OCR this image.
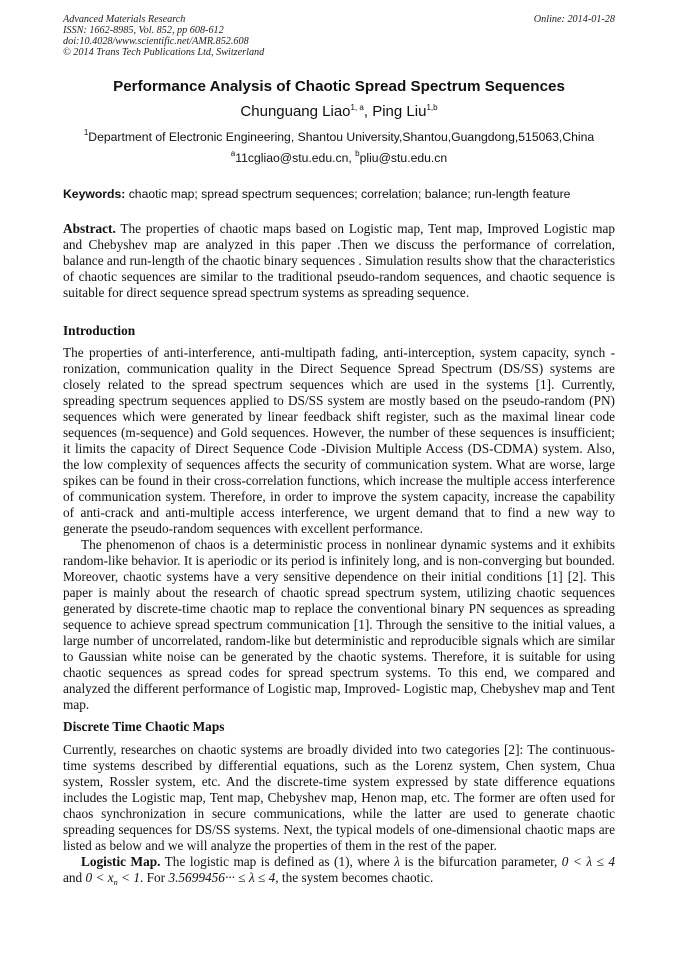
Advanced Materials Research
ISSN: 1662-8985, Vol. 852, pp 608-612
doi:10.4028/www.scientific.net/AMR.852.608
© 2014 Trans Tech Publications Ltd, Switzerland
Online: 2014-01-28
Performance Analysis of Chaotic Spread Spectrum Sequences
Chunguang Liao$^{1, a}$, Ping Liu$^{1,b}$
$^1$Department of Electronic Engineering, Shantou University,Shantou,Guangdong,515063,China
$^a$11cgliao@stu.edu.cn, $^b$pliu@stu.edu.cn
Keywords: chaotic map; spread spectrum sequences; correlation; balance; run-length feature

Abstract. The properties of chaotic maps based on Logistic map, Tent map, Improved Logistic map and Chebyshev map are analyzed in this paper .Then we discuss the performance of correlation, balance and run-length of the chaotic binary sequences . Simulation results show that the characteristics of chaotic sequences are similar to the traditional pseudo-random sequences, and chaotic sequence is suitable for direct sequence spread spectrum systems as spreading sequence.

Introduction

The properties of anti-interference, anti-multipath fading, anti-interception, system capacity, synch -ronization, communication quality in the Direct Sequence Spread Spectrum (DS/SS) systems are closely related to the spread spectrum sequences which are used in the systems [1]. Currently, spreading spectrum sequences applied to DS/SS system are mostly based on the pseudo-random (PN) sequences which were generated by linear feedback shift register, such as the maximal linear code sequences (m-sequence) and Gold sequences. However, the number of these sequences is insufficient; it limits the capacity of Direct Sequence Code -Division Multiple Access (DS-CDMA) system. Also, the low complexity of sequences affects the security of communication system. What are worse, large spikes can be found in their cross-correlation functions, which increase the multiple access interference of communication system. Therefore, in order to improve the system capacity, increase the capability of anti-crack and anti-multiple access interference, we urgent demand that to find a new way to generate the pseudo-random sequences with excellent performance.

The phenomenon of chaos is a deterministic process in nonlinear dynamic systems and it exhibits random-like behavior. It is aperiodic or its period is infinitely long, and is non-converging but bounded. Moreover, chaotic systems have a very sensitive dependence on their initial conditions [1] [2]. This paper is mainly about the research of chaotic spread spectrum system, utilizing chaotic sequences generated by discrete-time chaotic map to replace the conventional binary PN sequences as spreading sequence to achieve spread spectrum communication [1]. Through the sensitive to the initial values, a large number of uncorrelated, random-like but deterministic and reproducible signals which are similar to Gaussian white noise can be generated by the chaotic systems. Therefore, it is suitable for using chaotic sequences as spread codes for spread spectrum systems. To this end, we compared and analyzed the different performance of Logistic map, Improved- Logistic map, Chebyshev map and Tent map.

Discrete Time Chaotic Maps

Currently, researches on chaotic systems are broadly divided into two categories [2]: The continuous-time systems described by differential equations, such as the Lorenz system, Chen system, Chua system, Rossler system, etc. And the discrete-time system expressed by state difference equations includes the Logistic map, Tent map, Chebyshev map, Henon map, etc. The former are often used for chaos synchronization in secure communications, while the latter are used to generate chaotic spreading sequences for DS/SS systems. Next, the typical models of one-dimensional chaotic maps are listed as below and we will analyze the properties of them in the rest of the paper.

Logistic Map. The logistic map is defined as (1), where λ is the bifurcation parameter, 0 < λ ≤ 4 and $0 < x_n < 1$. For 3.5699456··· ≤ λ ≤ 4, the system becomes chaotic.
